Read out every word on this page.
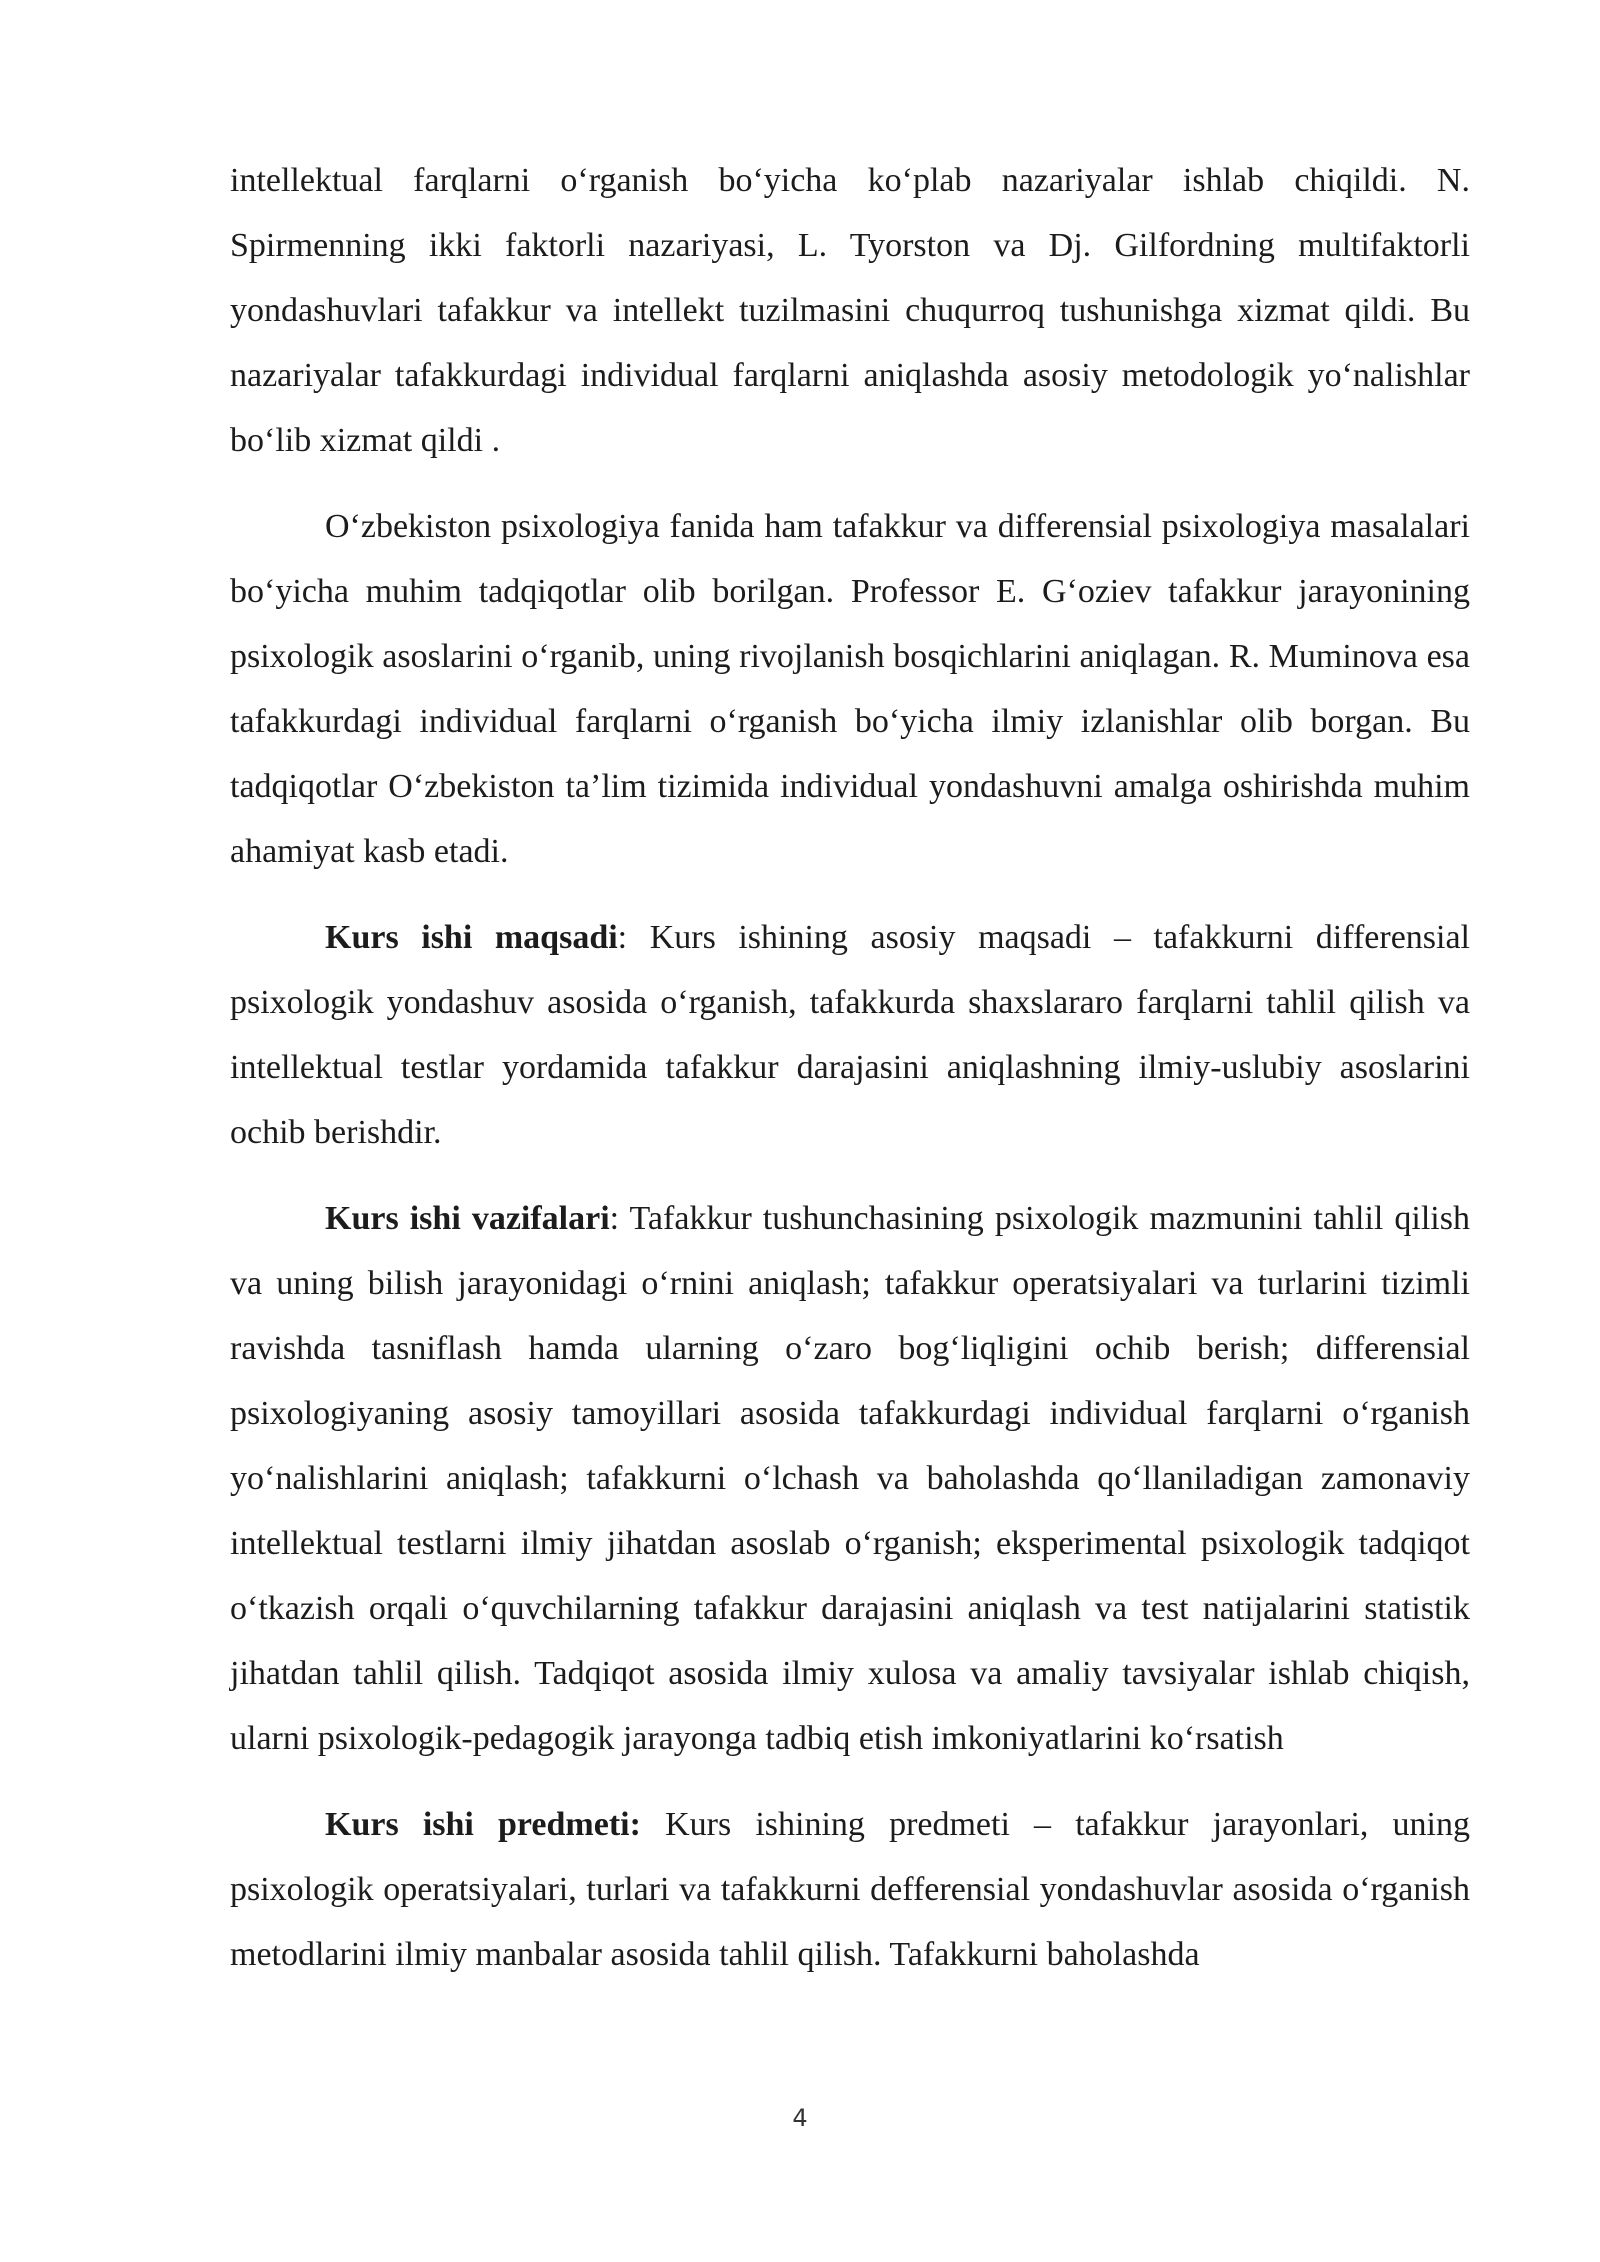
intellektual farqlarni o‘rganish bo‘yicha ko‘plab nazariyalar ishlab chiqildi. N. Spirmenning ikki faktorli nazariyasi, L. Tyorston va Dj. Gilfordning multifaktorli yondashuvlari tafakkur va intellekt tuzilmasini chuqurroq tushunishga xizmat qildi. Bu nazariyalar tafakkurdagi individual farqlarni aniqlashda asosiy metodologik yo‘nalishlar bo‘lib xizmat qildi .

O‘zbekiston psixologiya fanida ham tafakkur va differensial psixologiya masalalari bo‘yicha muhim tadqiqotlar olib borilgan. Professor E. G‘oziev tafakkur jarayonining psixologik asoslarini o‘rganib, uning rivojlanish bosqichlarini aniqlagan. R. Muminova esa tafakkurdagi individual farqlarni o‘rganish bo‘yicha ilmiy izlanishlar olib borgan. Bu tadqiqotlar O‘zbekiston ta’lim tizimida individual yondashuvni amalga oshirishda muhim ahamiyat kasb etadi.

Kurs ishi maqsadi: Kurs ishining asosiy maqsadi – tafakkurni differensial psixologik yondashuv asosida o‘rganish, tafakkurda shaxslararo farqlarni tahlil qilish va intellektual testlar yordamida tafakkur darajasini aniqlashning ilmiy-uslubiy asoslarini ochib berishdir.

Kurs ishi vazifalari: Tafakkur tushunchasining psixologik mazmunini tahlil qilish va uning bilish jarayonidagi o‘rnini aniqlash; tafakkur operatsiyalari va turlarini tizimli ravishda tasniflash hamda ularning o‘zaro bog‘liqligini ochib berish; differensial psixologiyaning asosiy tamoyillari asosida tafakkurdagi individual farqlarni o‘rganish yo‘nalishlarini aniqlash; tafakkurni o‘lchash va baholashda qo‘llaniladigan zamonaviy intellektual testlarni ilmiy jihatdan asoslab o‘rganish; eksperimental psixologik tadqiqot o‘tkazish orqali o‘quvchilarning tafakkur darajasini aniqlash va test natijalarini statistik jihatdan tahlil qilish. Tadqiqot asosida ilmiy xulosa va amaliy tavsiyalar ishlab chiqish, ularni psixologik-pedagogik jarayonga tadbiq etish imkoniyatlarini ko‘rsatish

Kurs ishi predmeti: Kurs ishining predmeti – tafakkur jarayonlari, uning psixologik operatsiyalari, turlari va tafakkurni defferensial yondashuvlar asosida o‘rganish metodlarini ilmiy manbalar asosida tahlil qilish. Tafakkurni baholashda

4
